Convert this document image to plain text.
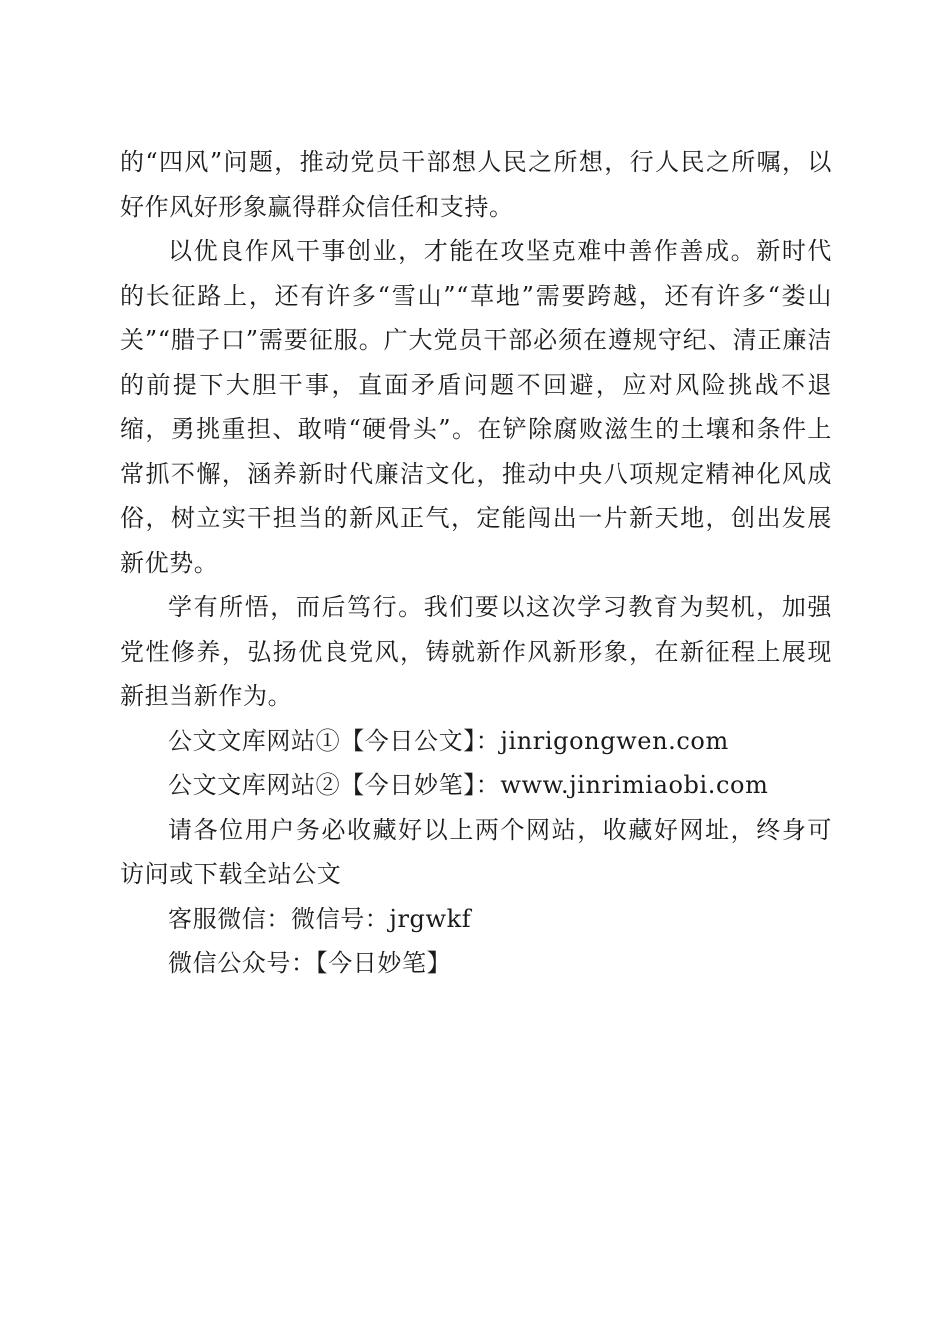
的“四风”问题，推动党员干部想人民之所想，行人民之所嘱，以好作风好形象赢得群众信任和支持。

以优良作风干事创业，才能在攻坚克难中善作善成。新时代的长征路上，还有许多“雪山”“草地”需要跨越，还有许多“娄山关”“腊子口”需要征服。广大党员干部必须在遵规守纪、清正廉洁的前提下大胆干事，直面矛盾问题不回避，应对风险挑战不退缩，勇挑重担、敢啃“硬骨头”。在铲除腐败滋生的土壤和条件上常抓不懈，涵养新时代廉洁文化，推动中央八项规定精神化风成俗，树立实干担当的新风正气，定能闯出一片新天地，创出发展新优势。

学有所悟，而后笃行。我们要以这次学习教育为契机，加强党性修养，弘扬优良党风，铸就新作风新形象，在新征程上展现新担当新作为。

公文文库网站①【今日公文】：jinrigongwen.com

公文文库网站②【今日妙笔】：www.jinrimiaobi.com

请各位用户务必收藏好以上两个网站，收藏好网址，终身可访问或下载全站公文

客服微信：微信号：jrgwkf

微信公众号：【今日妙笔】
